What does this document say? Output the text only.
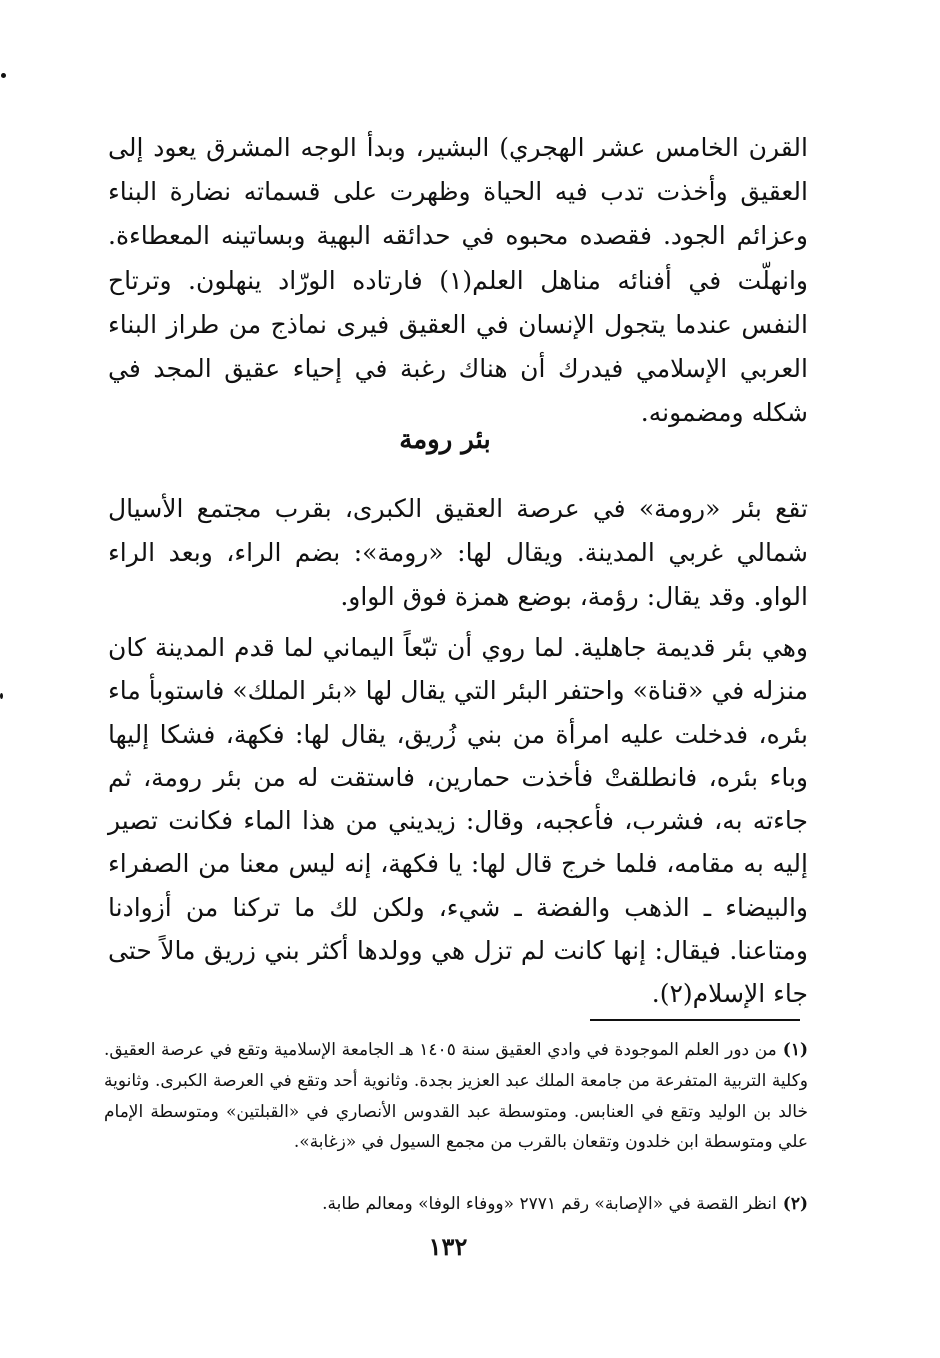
القرن الخامس عشر الهجري) البشير، وبدأ الوجه المشرق يعود إلى العقيق وأخذت تدب فيه الحياة وظهرت على قسماته نضارة البناء وعزائم الجود. فقصده محبوه في حدائقه البهية وبساتينه المعطاءة. وانهلّت في أفنائه مناهل العلم(١) فارتاده الورّاد ينهلون. وترتاح النفس عندما يتجول الإنسان في العقيق فيرى نماذج من طراز البناء العربي الإسلامي فيدرك أن هناك رغبة في إحياء عقيق المجد في شكله ومضمونه.

بئر رومة

تقع بئر «رومة» في عرصة العقيق الكبرى، بقرب مجتمع الأسيال شمالي غربي المدينة. ويقال لها: «رومة»: بضم الراء، وبعد الراء الواو. وقد يقال: رؤمة، بوضع همزة فوق الواو.

وهي بئر قديمة جاهلية. لما روي أن تبّعاً اليماني لما قدم المدينة كان منزله في «قناة» واحتفر البئر التي يقال لها «بئر الملك» فاستوبأ ماء بئره، فدخلت عليه امرأة من بني زُريق، يقال لها: فكهة، فشكا إليها وباء بئره، فانطلقتْ فأخذت حمارين، فاستقت له من بئر رومة، ثم جاءته به، فشرب، فأعجبه، وقال: زيديني من هذا الماء فكانت تصير إليه به مقامه، فلما خرج قال لها: يا فكهة، إنه ليس معنا من الصفراء والبيضاء ـ الذهب والفضة ـ شيء، ولكن لك ما تركنا من أزوادنا ومتاعنا. فيقال: إنها كانت لم تزل هي وولدها أكثر بني زريق مالاً حتى جاء الإسلام(٢).

(١)من دور العلم الموجودة في وادي العقيق سنة ١٤٠٥ هـ الجامعة الإسلامية وتقع في عرصة العقيق. وكلية التربية المتفرعة من جامعة الملك عبد العزيز بجدة. وثانوية أحد وتقع في العرصة الكبرى. وثانوية خالد بن الوليد وتقع في العنابس. ومتوسطة عبد القدوس الأنصاري في «القبلتين» ومتوسطة الإمام علي ومتوسطة ابن خلدون وتقعان بالقرب من مجمع السيول في «زغابة».

(٢)انظر القصة في «الإصابة» رقم ٢٧٧١ «ووفاء الوفا» ومعالم طابة.

١٣٢
